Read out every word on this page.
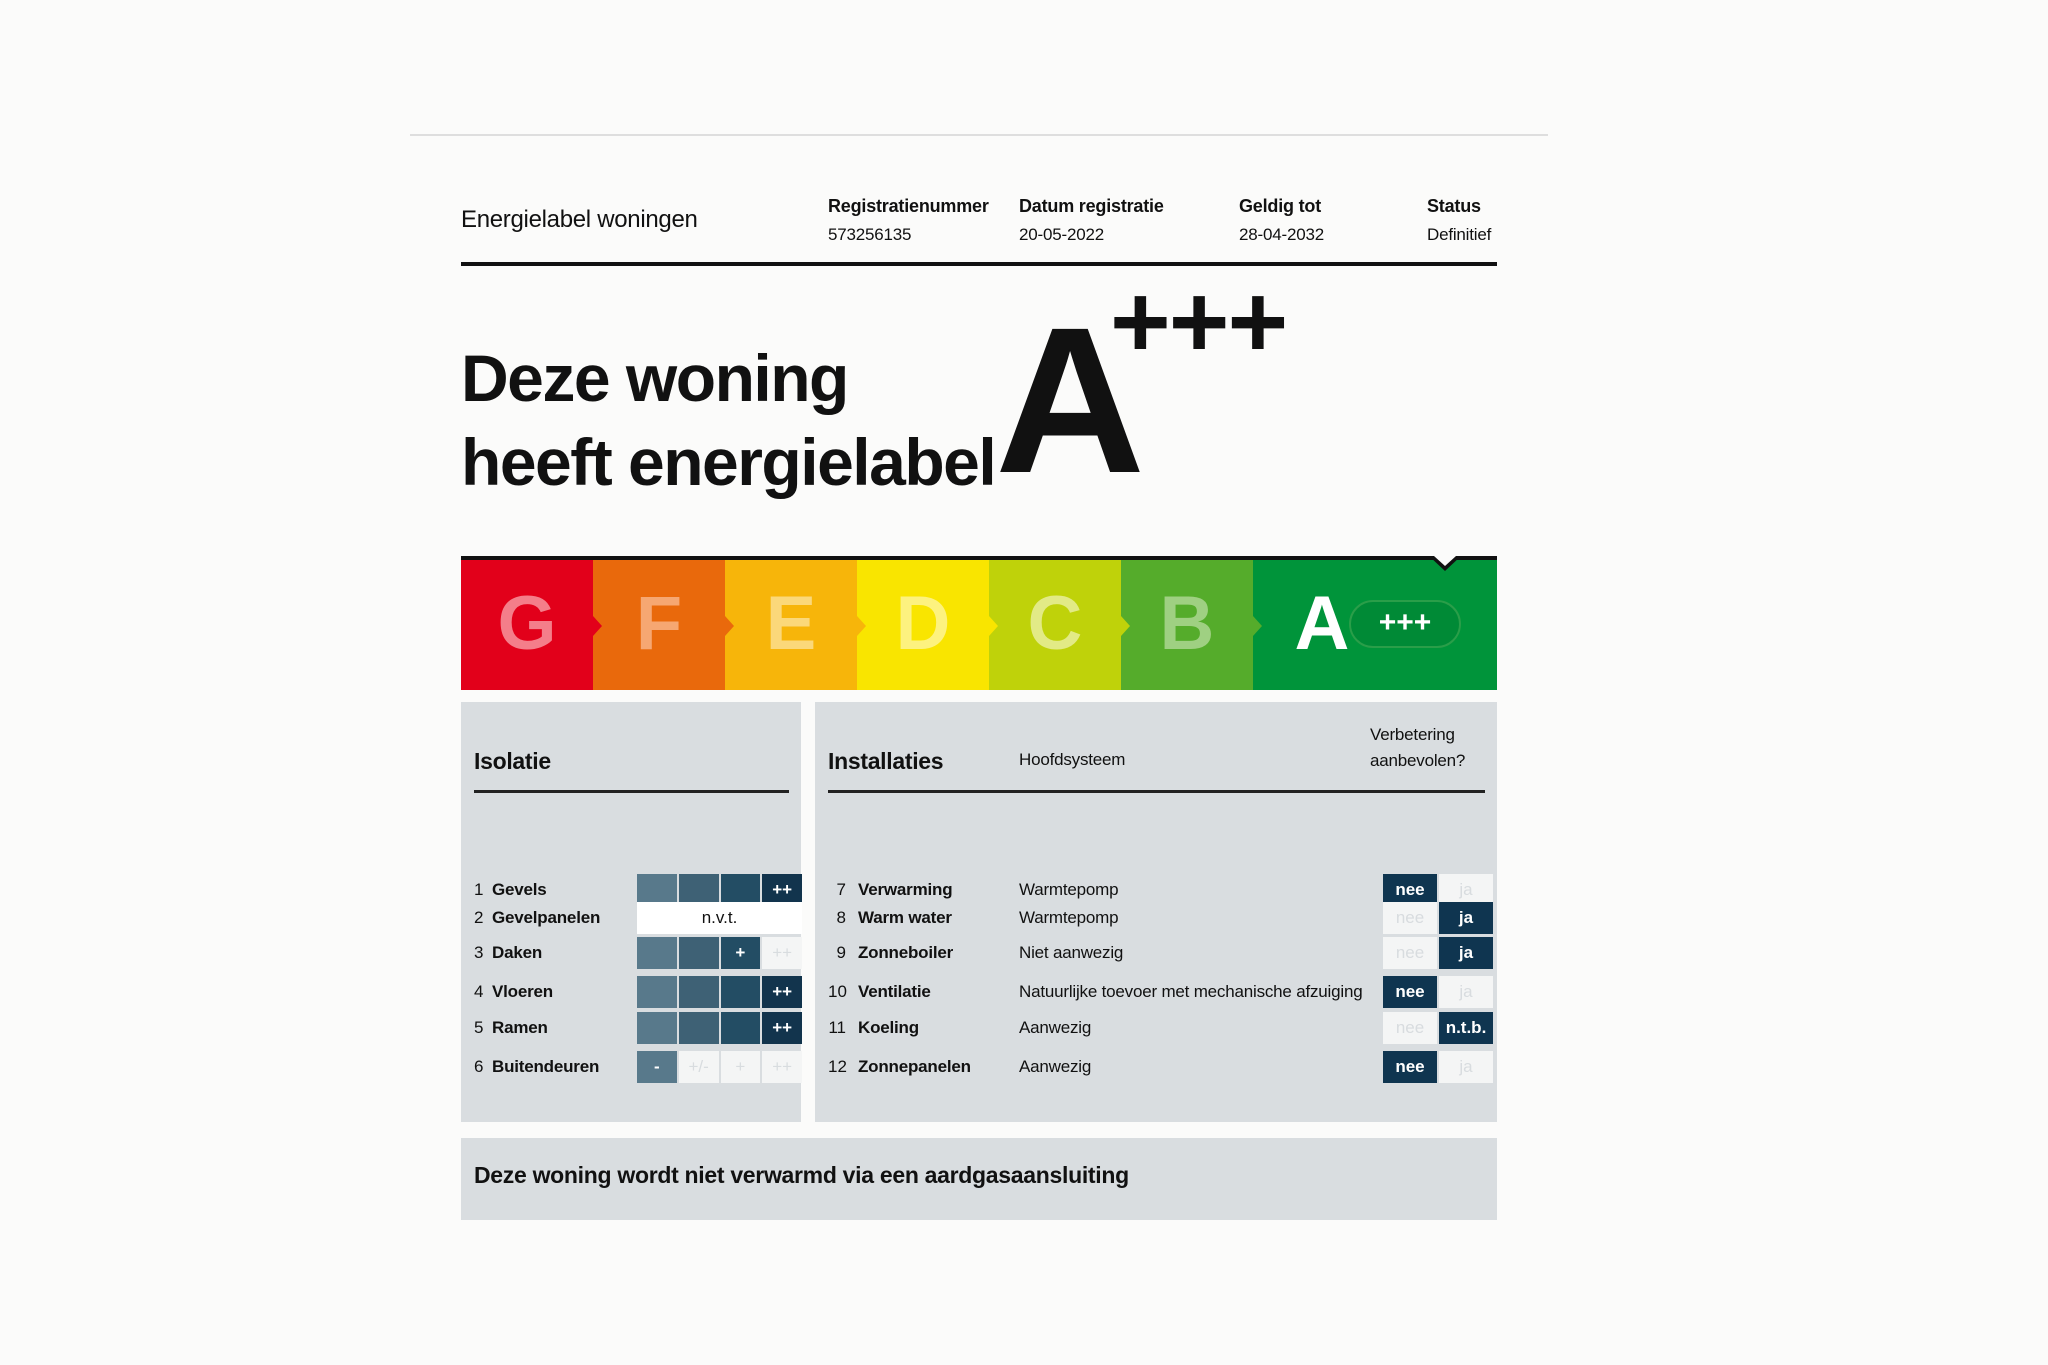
Energielabel woningen	Registratienummer
573256135
Datum registratie
20-05-2022
Geldig tot
28-04-2032
Status
Definitief
Deze woning
heeft energielabel A
+++
G	F	E	D	C	B	A +++
Isolatie
1 Gevels	++
2 Gevelpanelen	n.v.t.
3 Daken	+	++
4 Vloeren	++
5 Ramen	++
6 Buitendeuren	-	+/-	+	++
Installaties	Hoofdsysteem
Verbetering
aanbevolen?
7 Verwarming	Warmtepomp	nee	ja
8 Warm water	Warmtepomp	nee	ja
9 Zonneboiler	Niet aanwezig	nee	ja
10 Ventilatie	Natuurlijke toevoer met mechanische afzuiging	nee	ja
11 Koeling	Aanwezig	nee	n.t.b.
12 Zonnepanelen	Aanwezig	nee	ja
Deze woning wordt niet verwarmd via een aardgasaansluiting
